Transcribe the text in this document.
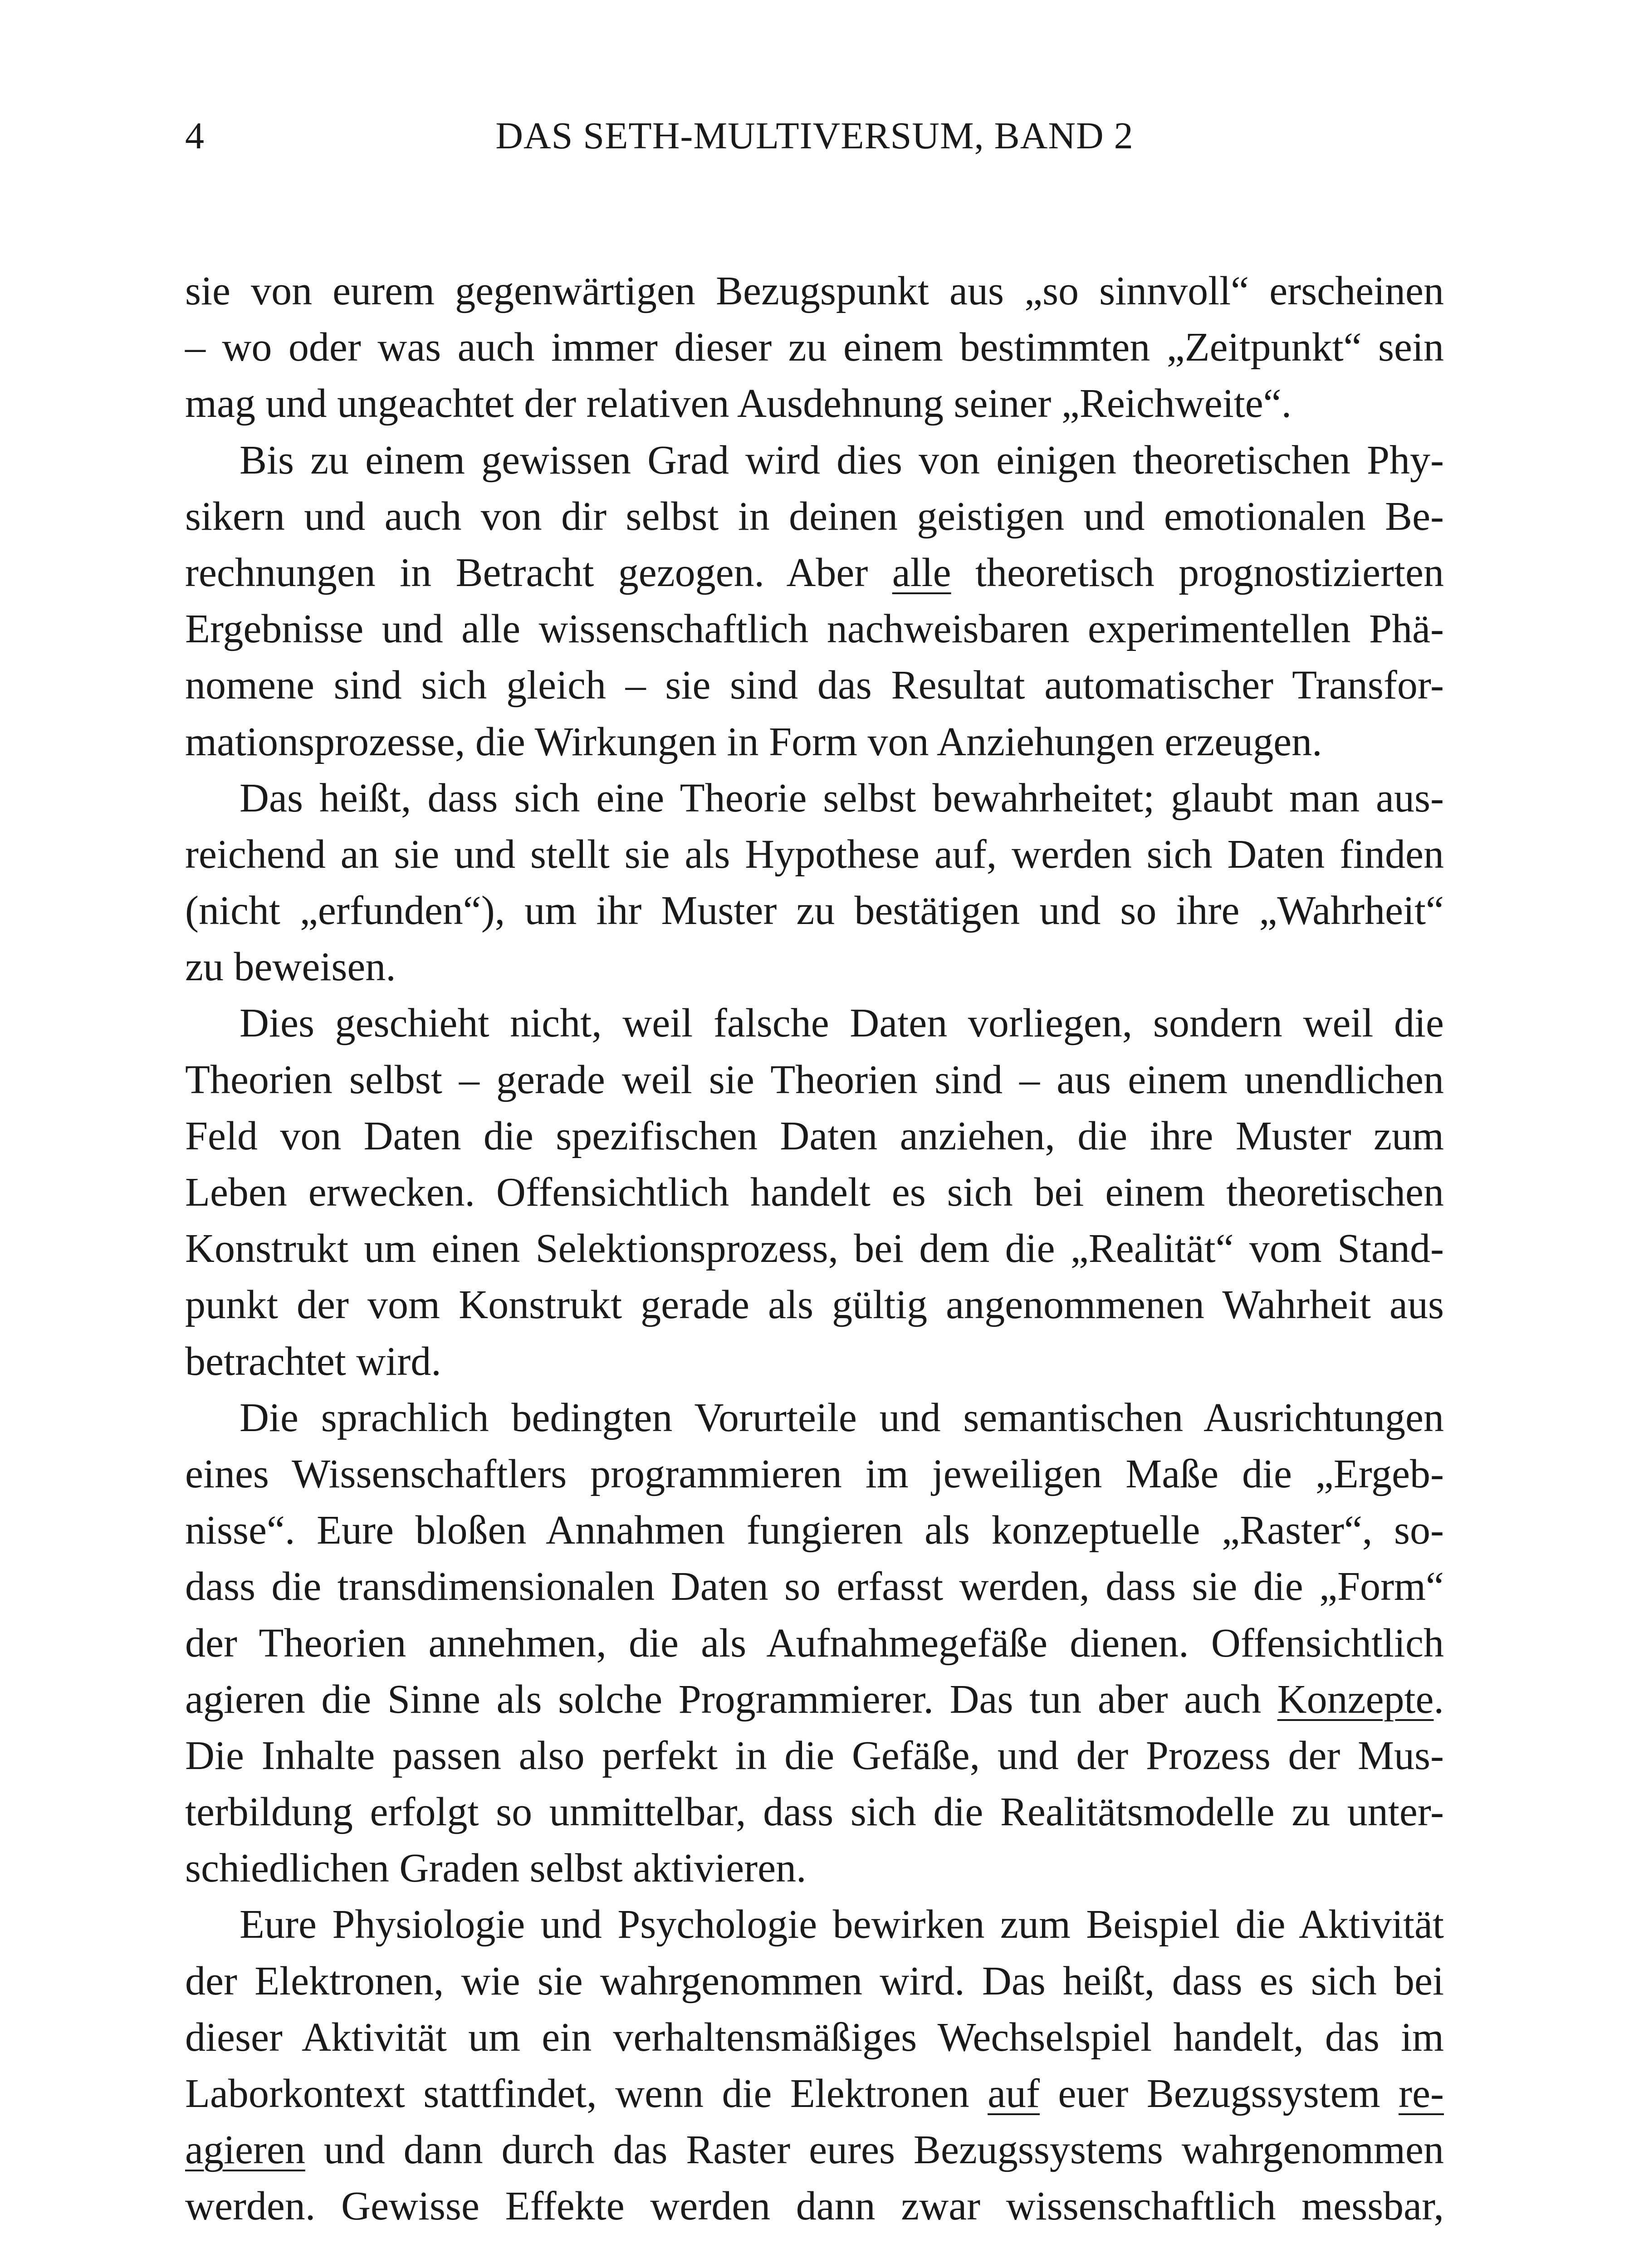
4	DAS SETH-MULTIVERSUM, BAND 2
sie von eurem gegenwärtigen Bezugspunkt aus „so sinnvoll“ erscheinen
– wo oder was auch immer dieser zu einem bestimmten „Zeitpunkt“ sein
mag und ungeachtet der relativen Ausdehnung seiner „Reichweite“.
Bis zu einem gewissen Grad wird dies von einigen theoretischen Phy-
sikern und auch von dir selbst in deinen geistigen und emotionalen Be-
rechnungen in Betracht gezogen. Aber alle theoretisch prognostizierten
Ergebnisse und alle wissenschaftlich nachweisbaren experimentellen Phä-
nomene sind sich gleich – sie sind das Resultat automatischer Transfor-
mationsprozesse, die Wirkungen in Form von Anziehungen erzeugen.
Das heißt, dass sich eine Theorie selbst bewahrheitet; glaubt man aus-
reichend an sie und stellt sie als Hypothese auf, werden sich Daten finden
(nicht „erfunden“), um ihr Muster zu bestätigen und so ihre „Wahrheit“
zu beweisen.
Dies geschieht nicht, weil falsche Daten vorliegen, sondern weil die
Theorien selbst – gerade weil sie Theorien sind – aus einem unendlichen
Feld von Daten die spezifischen Daten anziehen, die ihre Muster zum
Leben erwecken. Offensichtlich handelt es sich bei einem theoretischen
Konstrukt um einen Selektionsprozess, bei dem die „Realität“ vom Stand-
punkt der vom Konstrukt gerade als gültig angenommenen Wahrheit aus
betrachtet wird.
Die sprachlich bedingten Vorurteile und semantischen Ausrichtungen
eines Wissenschaftlers programmieren im jeweiligen Maße die „Ergeb-
nisse“. Eure bloßen Annahmen fungieren als konzeptuelle „Raster“, so-
dass die transdimensionalen Daten so erfasst werden, dass sie die „Form“
der Theorien annehmen, die als Aufnahmegefäße dienen. Offensichtlich
agieren die Sinne als solche Programmierer. Das tun aber auch Konzepte.
Die Inhalte passen also perfekt in die Gefäße, und der Prozess der Mus-
terbildung erfolgt so unmittelbar, dass sich die Realitätsmodelle zu unter-
schiedlichen Graden selbst aktivieren.
Eure Physiologie und Psychologie bewirken zum Beispiel die Aktivität
der Elektronen, wie sie wahrgenommen wird. Das heißt, dass es sich bei
dieser Aktivität um ein verhaltensmäßiges Wechselspiel handelt, das im
Laborkontext stattfindet, wenn die Elektronen auf euer Bezugssystem re-
agieren und dann durch das Raster eures Bezugssystems wahrgenommen
werden. Gewisse Effekte werden dann zwar wissenschaftlich messbar,
